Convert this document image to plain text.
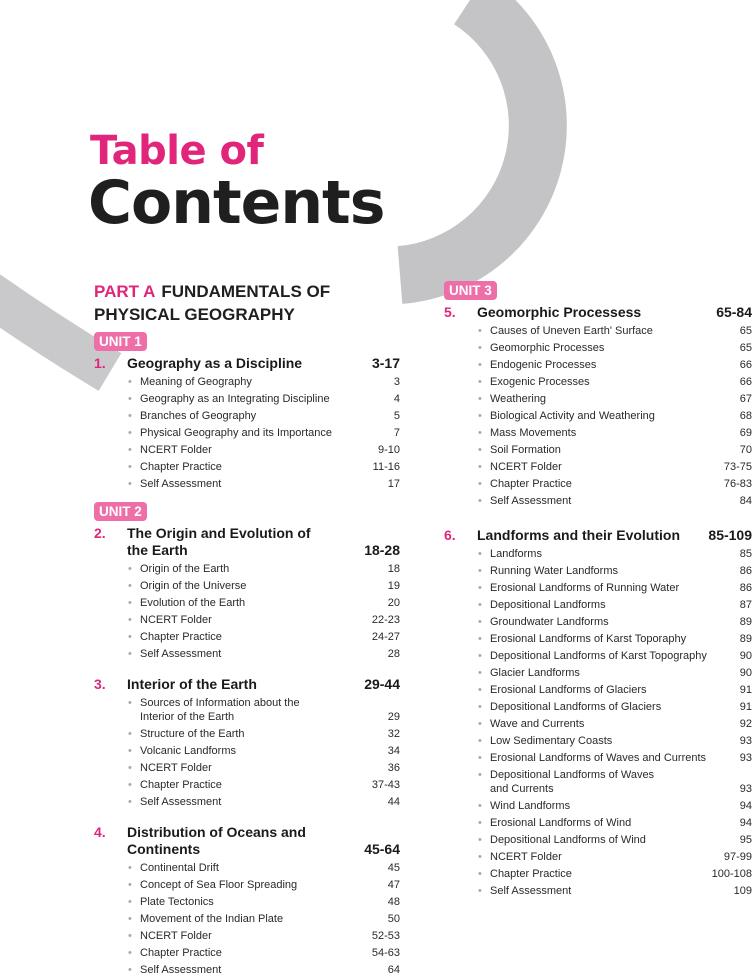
Table of
Contents
PART A FUNDAMENTALS OF PHYSICAL GEOGRAPHY
UNIT 1
1.	Geography as a Discipline	3-17
• Meaning of Geography	3
• Geography as an Integrating Discipline	4
• Branches of Geography	5
• Physical Geography and its Importance	7
• NCERT Folder	9-10
• Chapter Practice	11-16
• Self Assessment	17
UNIT 2
2.	The Origin and Evolution of the Earth	18-28
• Origin of the Earth	18
• Origin of the Universe	19
• Evolution of the Earth	20
• NCERT Folder	22-23
• Chapter Practice	24-27
• Self Assessment	28
3.	Interior of the Earth	29-44
• Sources of Information about the Interior of the Earth	29
• Structure of the Earth	32
• Volcanic Landforms	34
• NCERT Folder	36
• Chapter Practice	37-43
• Self Assessment	44
4.	Distribution of Oceans and Continents	45-64
• Continental Drift	45
• Concept of Sea Floor Spreading	47
• Plate Tectonics	48
• Movement of the Indian Plate	50
• NCERT Folder	52-53
• Chapter Practice	54-63
• Self Assessment	64
UNIT 3
5.	Geomorphic Processess	65-84
• Causes of Uneven Earth' Surface	65
• Geomorphic Processes	65
• Endogenic Processes	66
• Exogenic Processes	66
• Weathering	67
• Biological Activity and Weathering	68
• Mass Movements	69
• Soil Formation	70
• NCERT Folder	73-75
• Chapter Practice	76-83
• Self Assessment	84
6.	Landforms and their Evolution 85-109
• Landforms	85
• Running Water Landforms	86
• Erosional Landforms of Running Water	86
• Depositional Landforms	87
• Groundwater Landforms	89
• Erosional Landforms of Karst Toporaphy	89
• Depositional Landforms of Karst Topography	90
• Glacier Landforms	90
• Erosional Landforms of Glaciers	91
• Depositional Landforms of Glaciers	91
• Wave and Currents	92
• Low Sedimentary Coasts	93
• Erosional Landforms of Waves and Currents	93
• Depositional Landforms of Waves and Currents	93
• Wind Landforms	94
• Erosional Landforms of Wind	94
• Depositional Landforms of Wind	95
• NCERT Folder	97-99
• Chapter Practice	100-108
• Self Assessment	109
